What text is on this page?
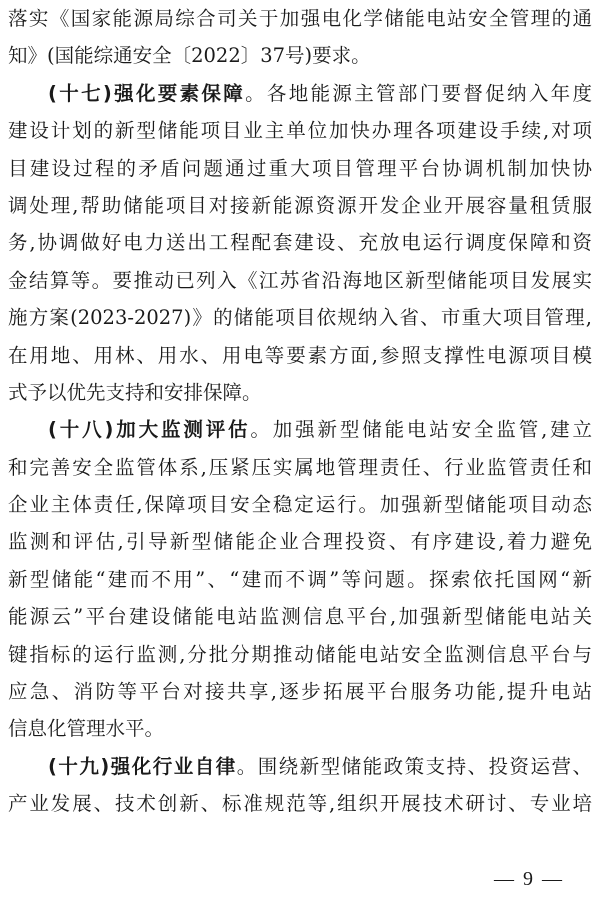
落实《国家能源局综合司关于加强电化学储能电站安全管理的通
知》(国能综通安全〔2022〕37号)要求。
(十七)强化要素保障。各地能源主管部门要督促纳入年度
建设计划的新型储能项目业主单位加快办理各项建设手续,对项
目建设过程的矛盾问题通过重大项目管理平台协调机制加快协
调处理,帮助储能项目对接新能源资源开发企业开展容量租赁服
务,协调做好电力送出工程配套建设、充放电运行调度保障和资
金结算等。要推动已列入《江苏省沿海地区新型储能项目发展实
施方案(2023-2027)》的储能项目依规纳入省、市重大项目管理,
在用地、用林、用水、用电等要素方面,参照支撑性电源项目模
式予以优先支持和安排保障。
(十八)加大监测评估。加强新型储能电站安全监管,建立
和完善安全监管体系,压紧压实属地管理责任、行业监管责任和
企业主体责任,保障项目安全稳定运行。加强新型储能项目动态
监测和评估,引导新型储能企业合理投资、有序建设,着力避免
新型储能“建而不用”、“建而不调”等问题。探索依托国网“新
能源云”平台建设储能电站监测信息平台,加强新型储能电站关
键指标的运行监测,分批分期推动储能电站安全监测信息平台与
应急、消防等平台对接共享,逐步拓展平台服务功能,提升电站
信息化管理水平。
(十九)强化行业自律。围绕新型储能政策支持、投资运营、
产业发展、技术创新、标准规范等,组织开展技术研讨、专业培
— 9 —
